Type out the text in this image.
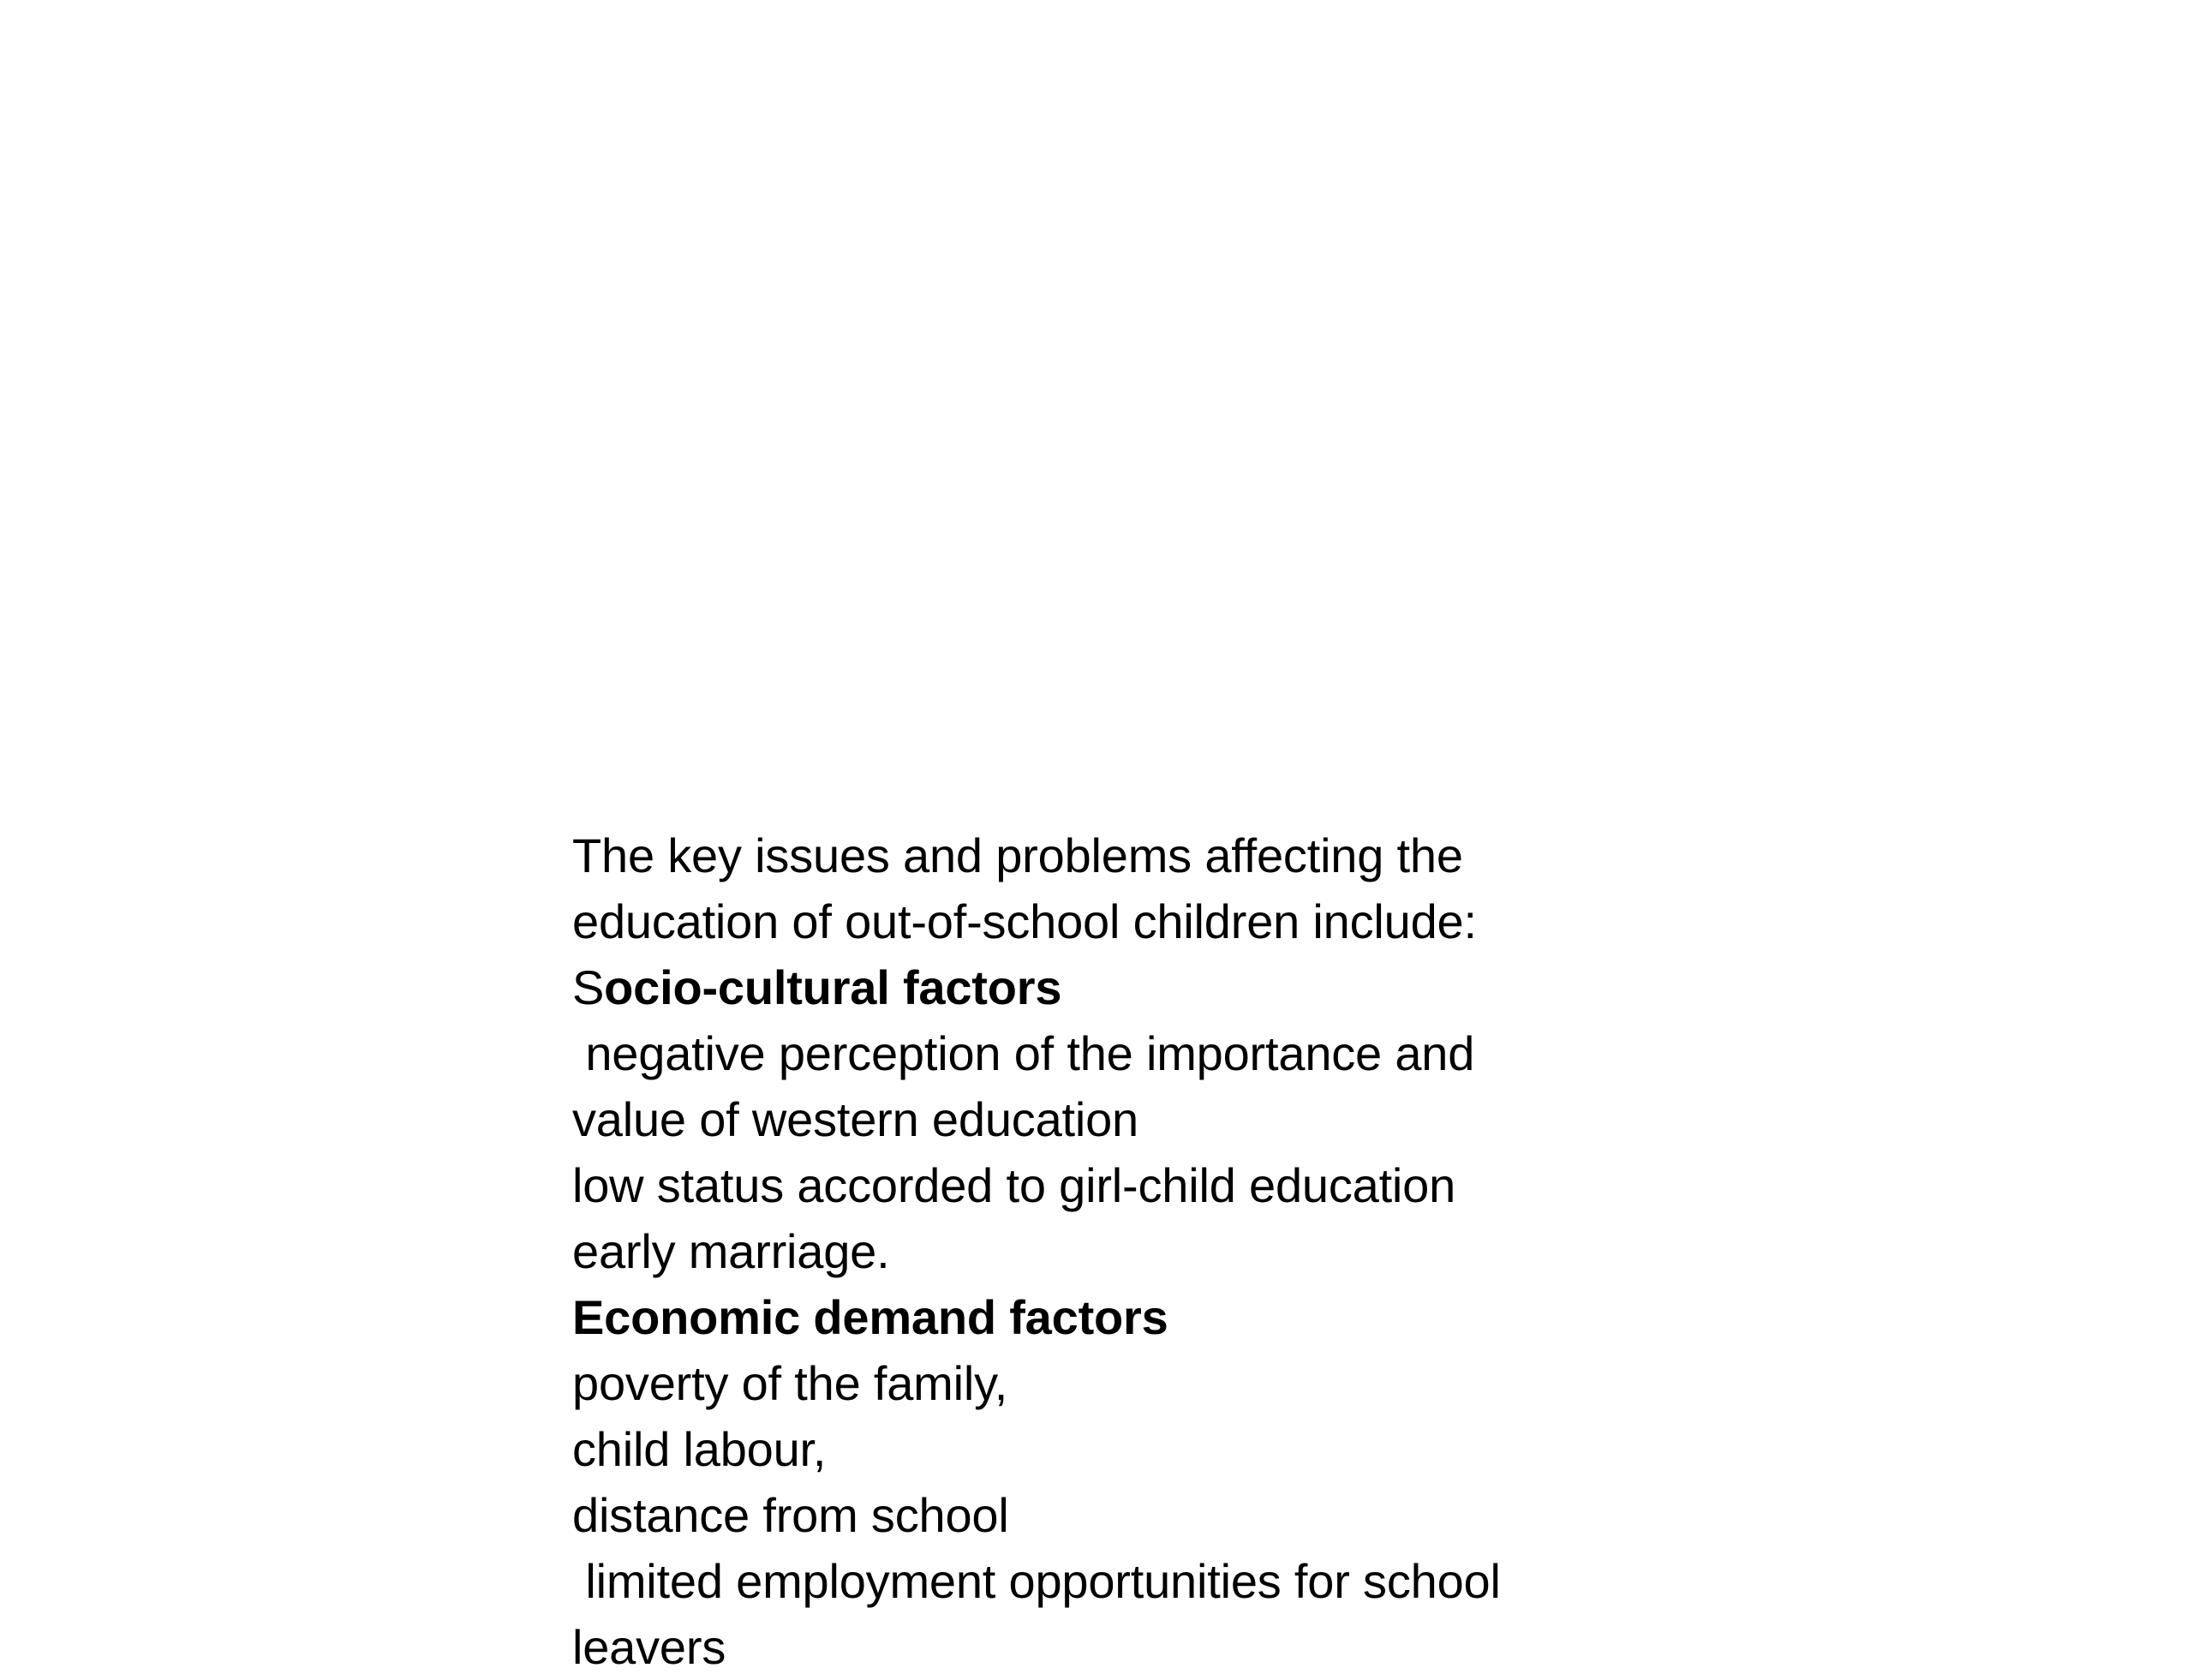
The key issues and problems affecting the
education of out-of-school children include:
Socio-cultural factors
negative perception of the importance and
value of western education
low status accorded to girl-child education
early marriage.
Economic demand factors
poverty of the family,
child labour,
distance from school
limited employment opportunities for school
leavers
